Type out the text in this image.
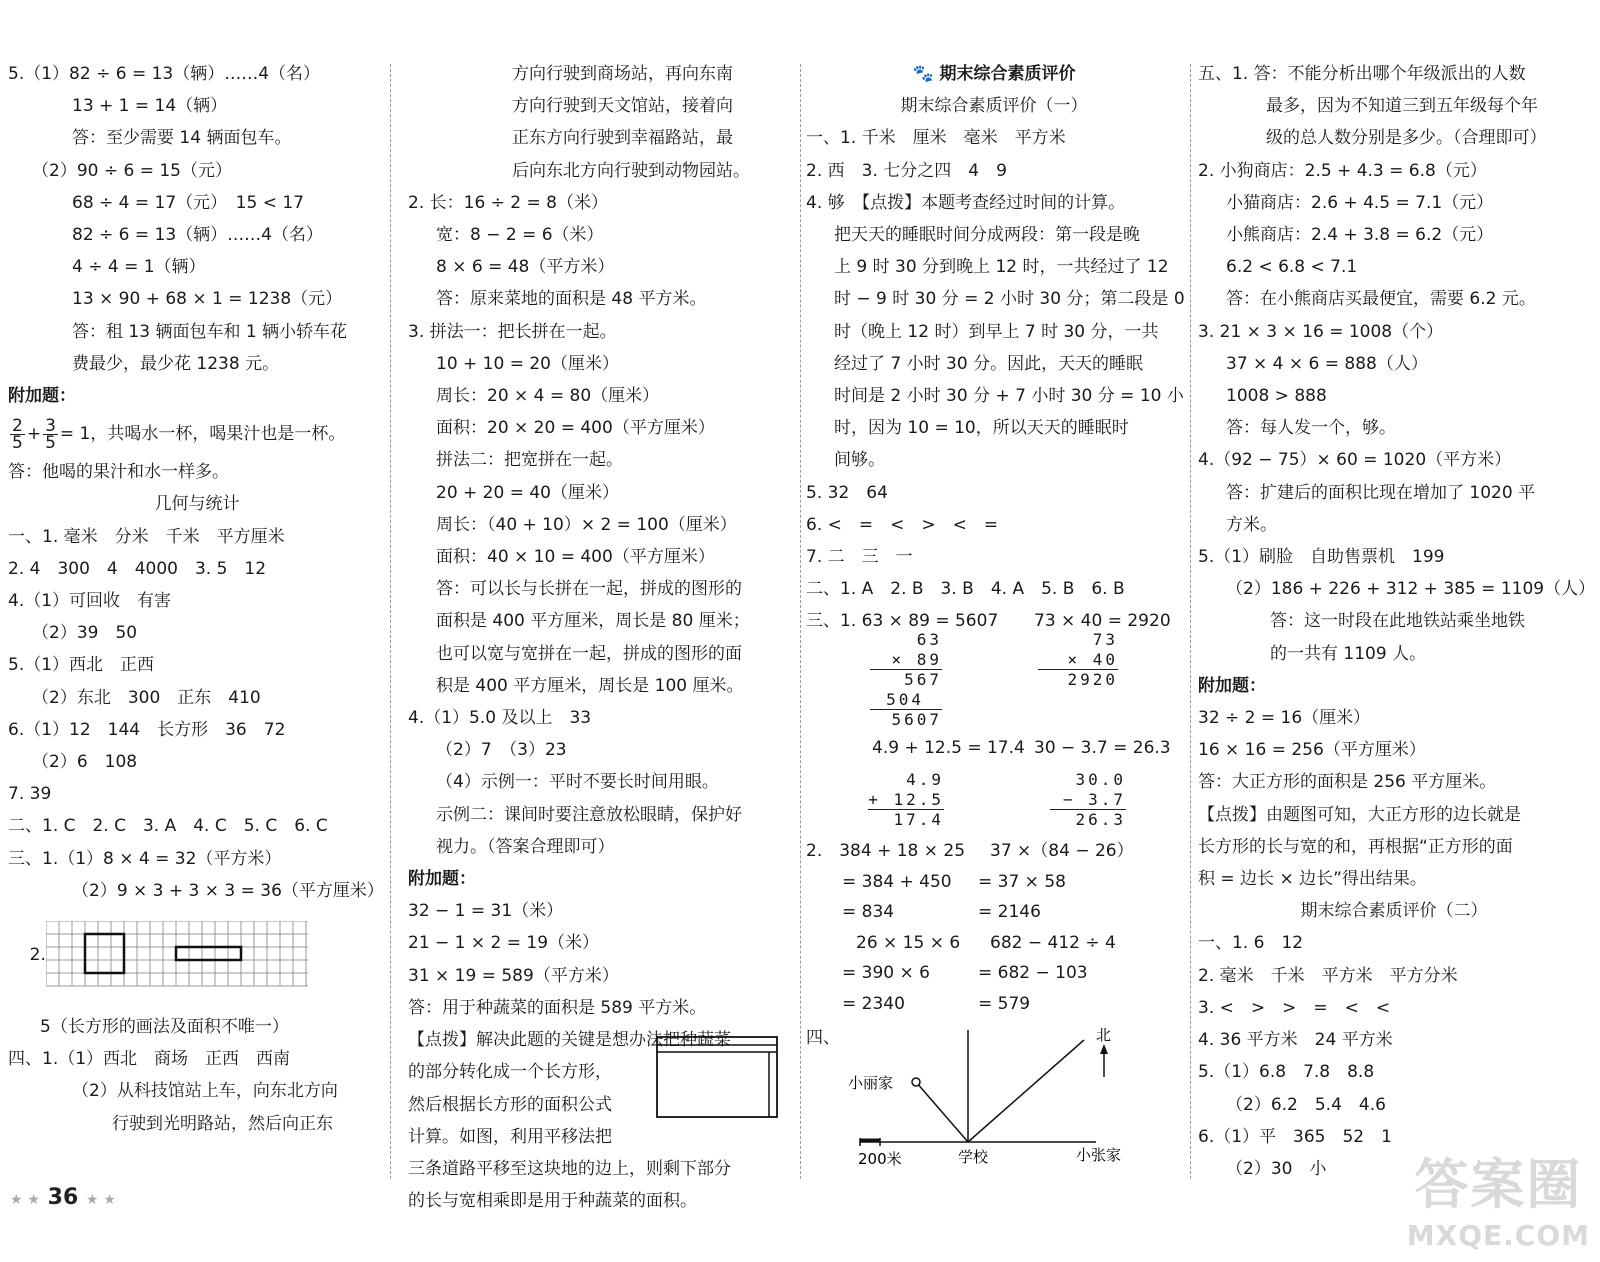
5.（1）82 ÷ 6 = 13（辆）……4（名）
13 + 1 = 14（辆）
答：至少需要 14 辆面包车。
（2）90 ÷ 6 = 15（元）
68 ÷ 4 = 17（元）　15 < 17
82 ÷ 6 = 13（辆）……4（名）
4 ÷ 4 = 1（辆）
13 × 90 + 68 × 1 = 1238（元）
答：租 13 辆面包车和 1 辆小轿车花
费最少，最少花 1238 元。
附加题：
$\frac{2}{5} + \frac{3}{5} = 1$，共喝水一杯，喝果汁也是一杯。
答：他喝的果汁和水一样多。
几何与统计
一、1. 毫米　分米　千米　平方厘米
2. 4　300　4　4000　3. 5　12
4.（1）可回收　有害
（2）39　50
5.（1）西北　正西
（2）东北　300　正东　410
6.（1）12　144　长方形　36　72
（2）6　108
7. 39
二、1. C　2. C　3. A　4. C　5. C　6. C
三、1.（1）8 × 4 = 32（平方米）
（2）9 × 3 + 3 × 3 = 36（平方厘米）

2.

5（长方形的画法及面积不唯一）
四、1.（1）西北　商场　正西　西南
（2）从科技馆站上车，向东北方向
行驶到光明路站，然后向正东
方向行驶到商场站，再向东南
方向行驶到天文馆站，接着向
正东方向行驶到幸福路站，最
后向东北方向行驶到动物园站。
2. 长：16 ÷ 2 = 8（米）
宽：8 − 2 = 6（米）
8 × 6 = 48（平方米）
答：原来菜地的面积是 48 平方米。
3. 拼法一：把长拼在一起。
10 + 10 = 20（厘米）
周长：20 × 4 = 80（厘米）
面积：20 × 20 = 400（平方厘米）
拼法二：把宽拼在一起。
20 + 20 = 40（厘米）
周长：（40 + 10）× 2 = 100（厘米）
面积：40 × 10 = 400（平方厘米）
答：可以长与长拼在一起，拼成的图形的
面积是 400 平方厘米，周长是 80 厘米；
也可以宽与宽拼在一起，拼成的图形的面
积是 400 平方厘米，周长是 100 厘米。
4.（1）5.0 及以上　33
（2）7　（3）23
（4）示例一：平时不要长时间用眼。
示例二：课间时要注意放松眼睛，保护好
视力。（答案合理即可）
附加题：
32 − 1 = 31（米）
21 − 1 × 2 = 19（米）
31 × 19 = 589（平方米）
答：用于种蔬菜的面积是 589 平方米。
【点拨】解决此题的关键是想办法把种蔬菜
的部分转化成一个长方形，
然后根据长方形的面积公式
计算。如图，利用平移法把
三条道路平移至这块地的边上，则剩下部分
的长与宽相乘即是用于种蔬菜的面积。
🐾 期末综合素质评价
期末综合素质评价（一）
一、1. 千米　厘米　毫米　平方米
2. 西　3. 七分之四　4　9
4. 够　【点拨】本题考查经过时间的计算。
把天天的睡眠时间分成两段：第一段是晚
上 9 时 30 分到晚上 12 时，一共经过了 12
时 − 9 时 30 分 = 2 小时 30 分；第二段是 0
时（晚上 12 时）到早上 7 时 30 分，一共
经过了 7 小时 30 分。因此，天天的睡眠
时间是 2 小时 30 分 + 7 小时 30 分 = 10 小
时，因为 10 = 10，所以天天的睡眠时
间够。
5. 32　64
6. <　=　<　>　<　=
7. 二　三　一
二、1. A　2. B　3. B　4. A　5. B　6. B
三、1. 63 × 89 = 5607 73 × 40 = 2920
63
× 89
567
504
5607
73
× 40
2920
4.9 + 12.5 = 17.4 30 − 3.7 = 26.3
4.9
+ 12.5
17.4
30.0
− 3.7
26.3
2.　384 + 18 × 25 37 ×（84 − 26）
= 384 + 450 = 37 × 58
= 834	= 2146
26 × 15 × 6 682 − 412 ÷ 4
= 390 × 6	= 682 − 103
= 2340	= 579
四、	北
小丽家
200米	学校	小张家
五、1. 答：不能分析出哪个年级派出的人数
最多，因为不知道三到五年级每个年
级的总人数分别是多少。（合理即可）
2. 小狗商店：2.5 + 4.3 = 6.8（元）
小猫商店：2.6 + 4.5 = 7.1（元）
小熊商店：2.4 + 3.8 = 6.2（元）
6.2 < 6.8 < 7.1
答：在小熊商店买最便宜，需要 6.2 元。
3. 21 × 3 × 16 = 1008（个）
37 × 4 × 6 = 888（人）
1008 > 888
答：每人发一个，够。
4.（92 − 75）× 60 = 1020（平方米）
答：扩建后的面积比现在增加了 1020 平
方米。
5.（1）刷脸　自助售票机　199
（2）186 + 226 + 312 + 385 = 1109（人）
答：这一时段在此地铁站乘坐地铁
的一共有 1109 人。
附加题：
32 ÷ 2 = 16（厘米）
16 × 16 = 256（平方厘米）
答：大正方形的面积是 256 平方厘米。
【点拨】由题图可知，大正方形的边长就是
长方形的长与宽的和，再根据“正方形的面
积 = 边长 × 边长”得出结果。
期末综合素质评价（二）
一、1. 6　12
2. 毫米　千米　平方米　平方分米
3. <　>　>　=　<　<
4. 36 平方米　24 平方米
5.（1）6.8　7.8　8.8
（2）6.2　5.4　4.6
6.（1）平　365　52　1
（2）30　小
★ ★ 36 ★ ★	答案圈
MXQE.COM
